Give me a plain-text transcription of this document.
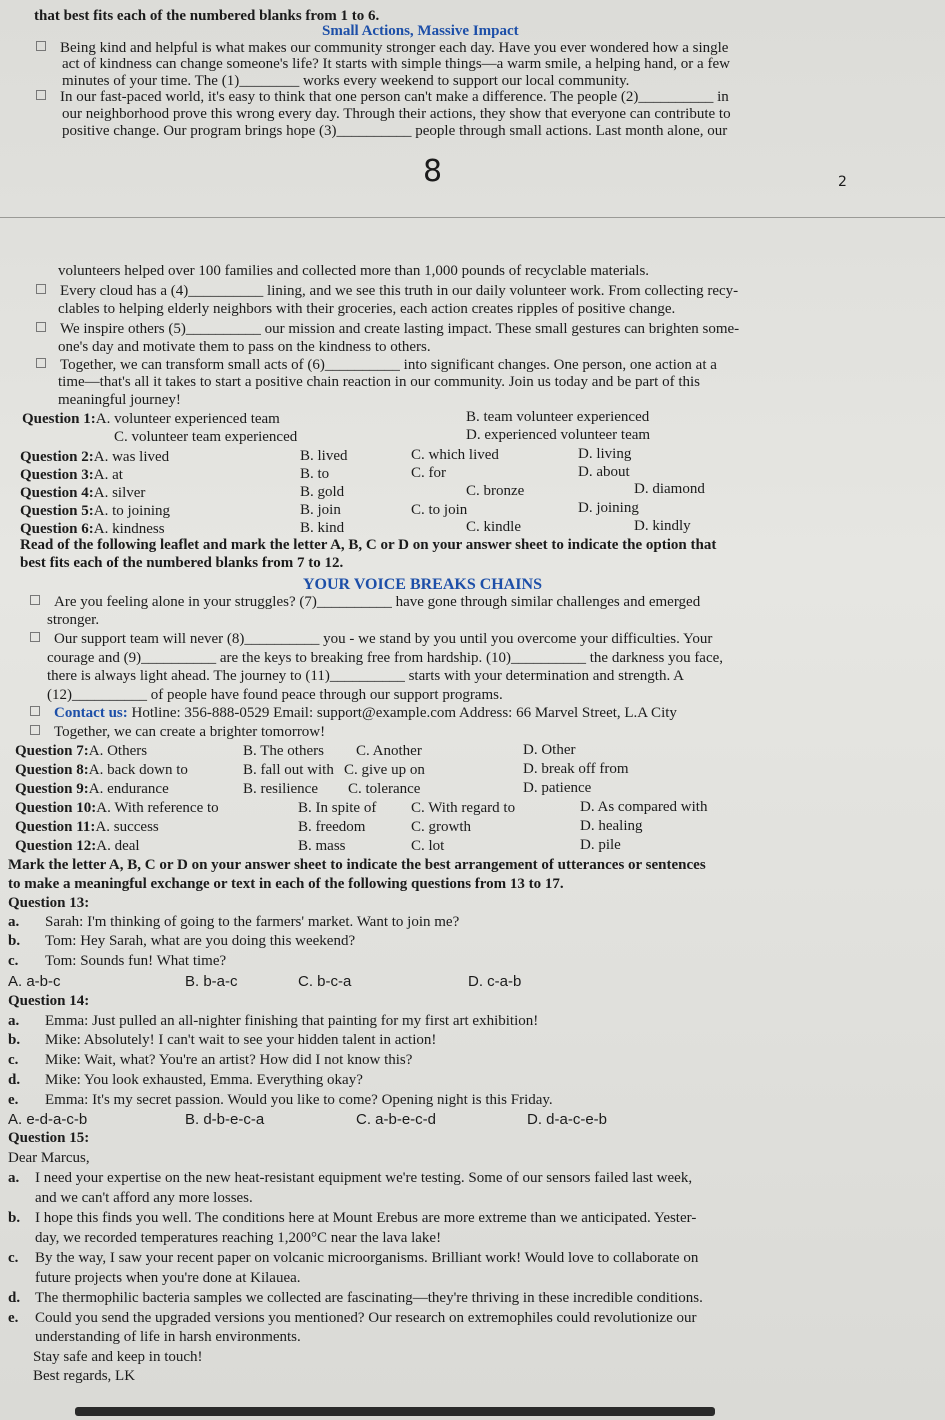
that best fits each of the numbered blanks from 1 to 6.
Small Actions, Massive Impact
Being kind and helpful is what makes our community stronger each day. Have you ever wondered how a single
act of kindness can change someone's life? It starts with simple things—a warm smile, a helping hand, or a few
minutes of your time. The (1)________ works every weekend to support our local community.
In our fast-paced world, it's easy to think that one person can't make a difference. The people (2)__________ in
our neighborhood prove this wrong every day. Through their actions, they show that everyone can contribute to
positive change. Our program brings hope (3)__________ people through small actions. Last month alone, our
8	2
volunteers helped over 100 families and collected more than 1,000 pounds of recyclable materials.
Every cloud has a (4)__________ lining, and we see this truth in our daily volunteer work. From collecting recy-
clables to helping elderly neighbors with their groceries, each action creates ripples of positive change.
We inspire others (5)__________ our mission and create lasting impact. These small gestures can brighten some-
one's day and motivate them to pass on the kindness to others.
Together, we can transform small acts of (6)__________ into significant changes. One person, one action at a
time—that's all it takes to start a positive chain reaction in our community. Join us today and be part of this
meaningful journey!
Question 1:A. volunteer experienced team	B. team volunteer experienced
C. volunteer team experienced	D. experienced volunteer team
Question 2:A. was lived	B. lived	C. which lived	D. living
Question 3:A. at	B. to	C. for	D. about
Question 4:A. silver	B. gold	C. bronze	D. diamond
Question 5:A. to joining	B. join	C. to join	D. joining
Question 6:A. kindness	B. kind	C. kindle	D. kindly
Read of the following leaflet and mark the letter A, B, C or D on your answer sheet to indicate the option that
best fits each of the numbered blanks from 7 to 12.
YOUR VOICE BREAKS CHAINS
Are you feeling alone in your struggles? (7)__________ have gone through similar challenges and emerged
stronger.
Our support team will never (8)__________ you - we stand by you until you overcome your difficulties. Your
courage and (9)__________ are the keys to breaking free from hardship. (10)__________ the darkness you face,
there is always light ahead. The journey to (11)__________ starts with your determination and strength. A
(12)__________ of people have found peace through our support programs.
Contact us: Hotline: 356-888-0529 Email: support@example.com Address: 66 Marvel Street, L.A City
Together, we can create a brighter tomorrow!
Question 7:A. Others	B. The others C. Another	D. Other
Question 8:A. back down to	B. fall out with C. give up on	D. break off from
Question 9:A. endurance	B. resilience C. tolerance	D. patience
Question 10:A. With reference to	B. In spite of C. With regard to	D. As compared with
Question 11:A. success	B. freedom	C. growth	D. healing
Question 12:A. deal	B. mass	C. lot	D. pile
Mark the letter A, B, C or D on your answer sheet to indicate the best arrangement of utterances or sentences
to make a meaningful exchange or text in each of the following questions from 13 to 17.
Question 13:
a. Sarah: I'm thinking of going to the farmers' market. Want to join me?
b. Tom: Hey Sarah, what are you doing this weekend?
c. Tom: Sounds fun! What time?
A. a-b-c	B. b-a-c	C. b-c-a	D. c-a-b
Question 14:
a. Emma: Just pulled an all-nighter finishing that painting for my first art exhibition!
b. Mike: Absolutely! I can't wait to see your hidden talent in action!
c. Mike: Wait, what? You're an artist? How did I not know this?
d. Mike: You look exhausted, Emma. Everything okay?
e. Emma: It's my secret passion. Would you like to come? Opening night is this Friday.
A. e-d-a-c-b	B. d-b-e-c-a	C. a-b-e-c-d	D. d-a-c-e-b
Question 15:
Dear Marcus,
a. I need your expertise on the new heat-resistant equipment we're testing. Some of our sensors failed last week,
and we can't afford any more losses.
b. I hope this finds you well. The conditions here at Mount Erebus are more extreme than we anticipated. Yester-
day, we recorded temperatures reaching 1,200°C near the lava lake!
c. By the way, I saw your recent paper on volcanic microorganisms. Brilliant work! Would love to collaborate on
future projects when you're done at Kilauea.
d. The thermophilic bacteria samples we collected are fascinating—they're thriving in these incredible conditions.
e. Could you send the upgraded versions you mentioned? Our research on extremophiles could revolutionize our
understanding of life in harsh environments.
Stay safe and keep in touch!
Best regards, LK
